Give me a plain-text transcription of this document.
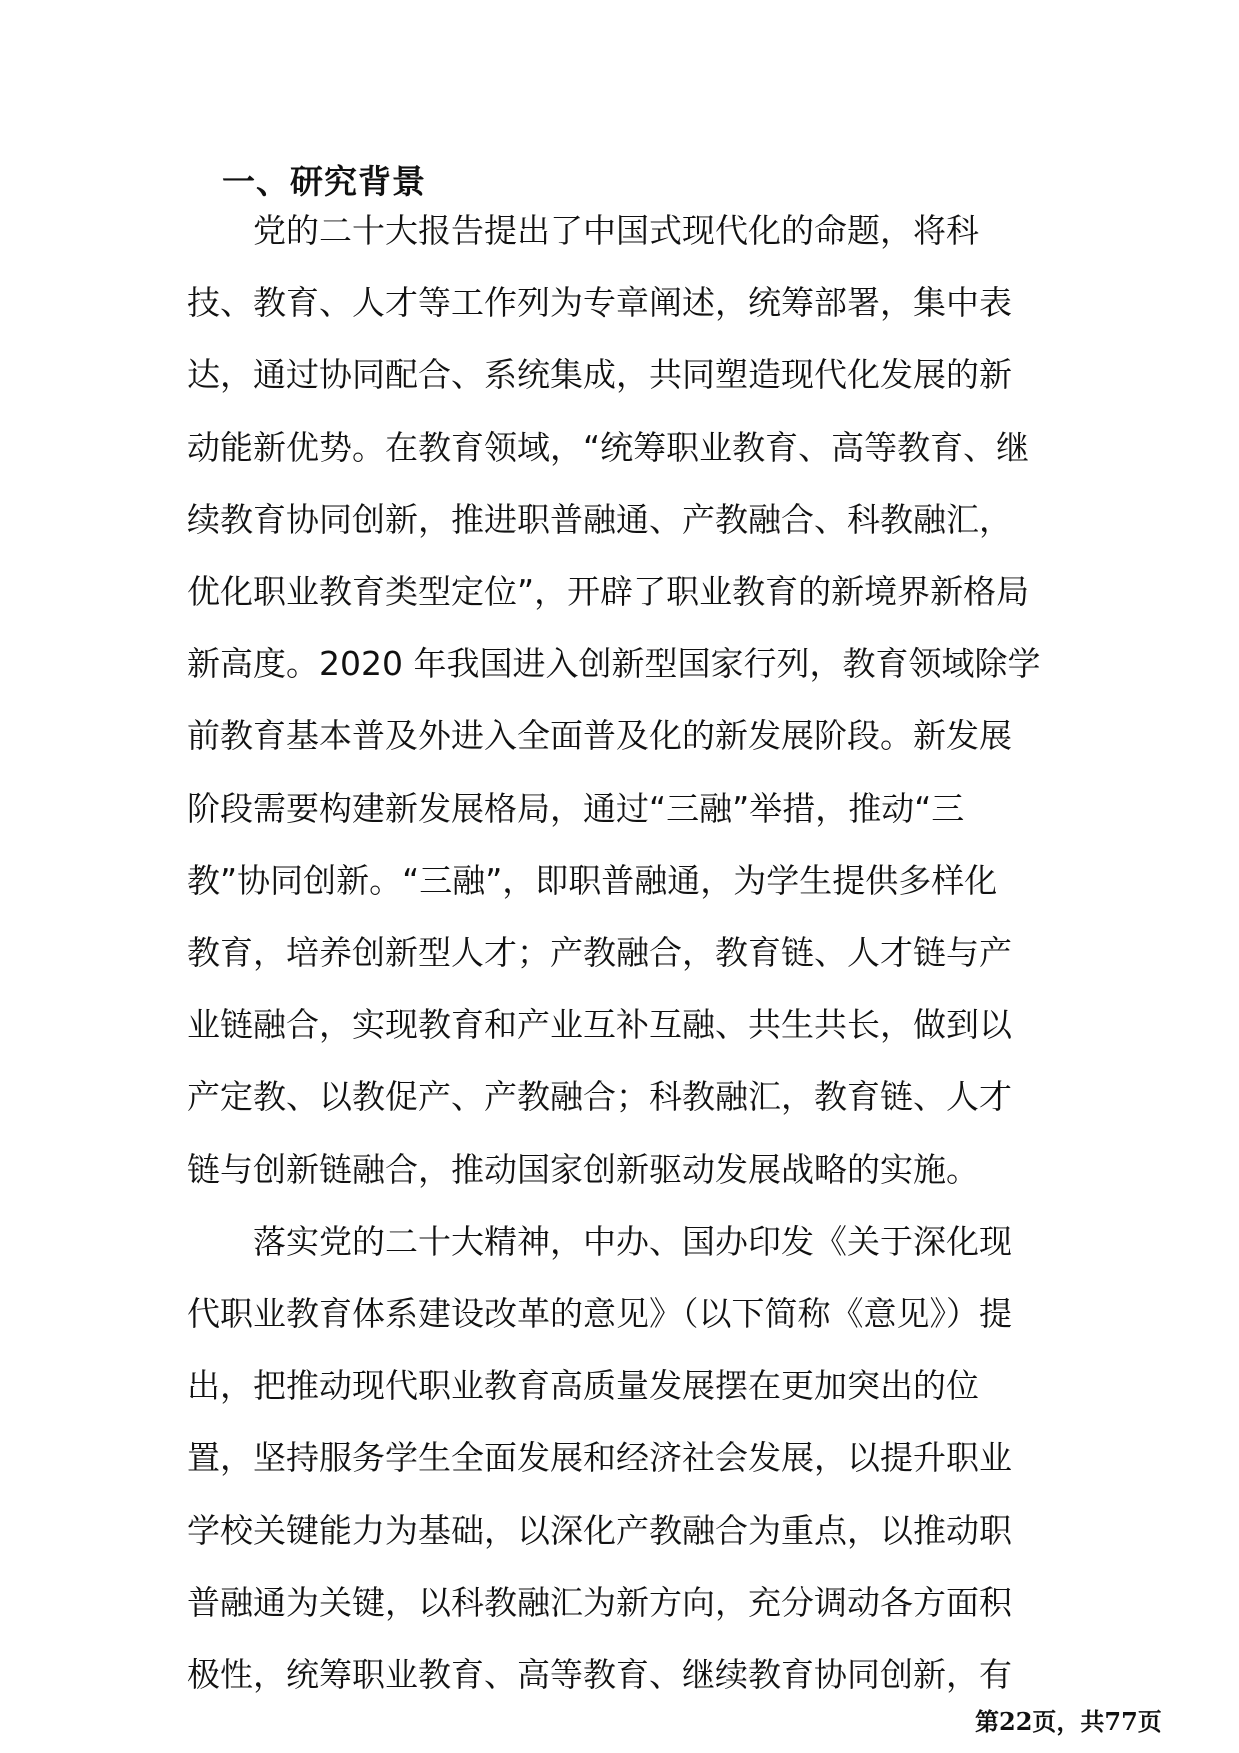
一、研究背景
党的二十大报告提出了中国式现代化的命题，将科
技、教育、人才等工作列为专章阐述，统筹部署，集中表
达，通过协同配合、系统集成，共同塑造现代化发展的新
动能新优势。在教育领域，“统筹职业教育、高等教育、继
续教育协同创新，推进职普融通、产教融合、科教融汇，
优化职业教育类型定位”，开辟了职业教育的新境界新格局
新高度。2020 年我国进入创新型国家行列，教育领域除学
前教育基本普及外进入全面普及化的新发展阶段。新发展
阶段需要构建新发展格局，通过“三融”举措，推动“三
教”协同创新。“三融”，即职普融通，为学生提供多样化
教育，培养创新型人才；产教融合，教育链、人才链与产
业链融合，实现教育和产业互补互融、共生共长，做到以
产定教、以教促产、产教融合；科教融汇，教育链、人才
链与创新链融合，推动国家创新驱动发展战略的实施。
落实党的二十大精神，中办、国办印发《关于深化现
代职业教育体系建设改革的意见》（以下简称《意见》）提
出，把推动现代职业教育高质量发展摆在更加突出的位
置，坚持服务学生全面发展和经济社会发展，以提升职业
学校关键能力为基础，以深化产教融合为重点，以推动职
普融通为关键，以科教融汇为新方向，充分调动各方面积
极性，统筹职业教育、高等教育、继续教育协同创新，有
第22页，共77页
